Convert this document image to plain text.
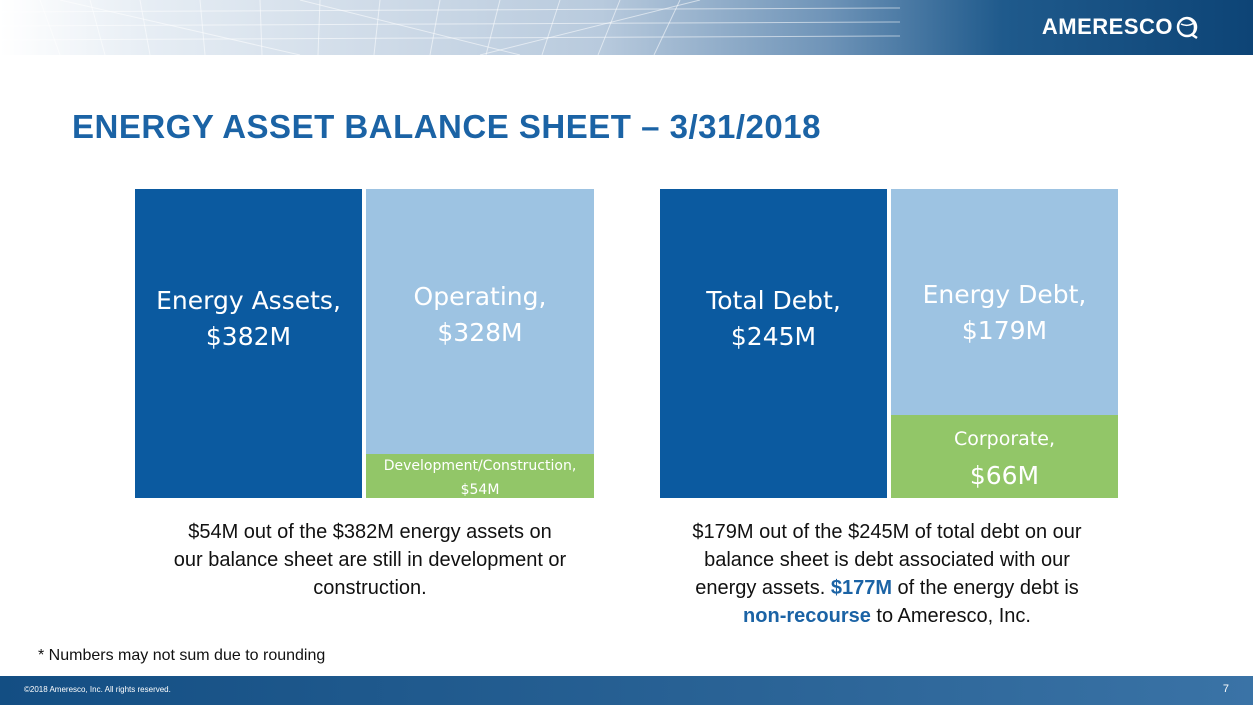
AMERESCO
ENERGY ASSET BALANCE SHEET – 3/31/2018
Energy Assets,
$382M
Operating,
$328M
Development/Construction,
$54M
Total Debt,
$245M
Energy Debt,
$179M
Corporate,
$66M

$54M out of the $382M energy assets on
our balance sheet are still in development or
construction.

$179M out of the $245M of total debt on our
balance sheet is debt associated with our
energy assets. $177M of the energy debt is
non-recourse to Ameresco, Inc.

* Numbers may not sum due to rounding

©2018 Ameresco, Inc. All rights reserved.	7
